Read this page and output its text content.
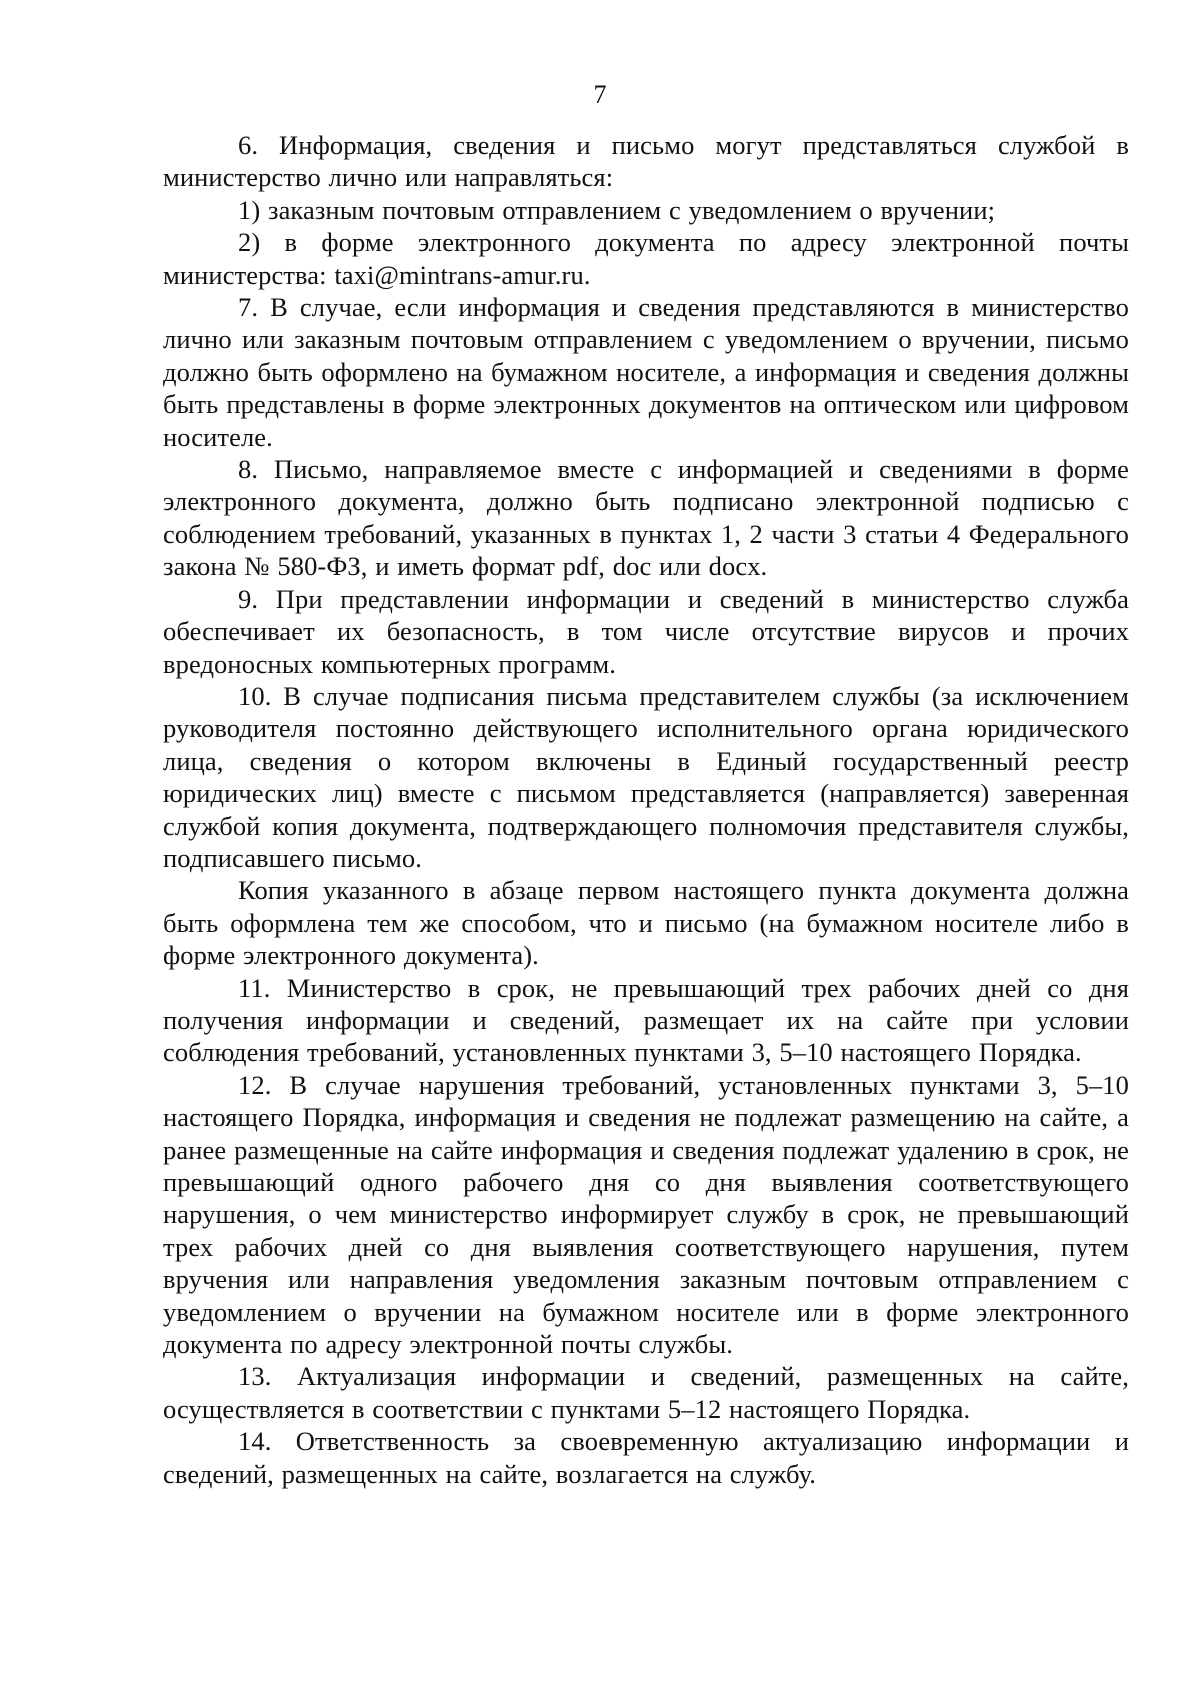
7

6. Информация, сведения и письмо могут представляться службой в министерство лично или направляться:

1) заказным почтовым отправлением с уведомлением о вручении;

2) в форме электронного документа по адресу электронной почты министерства: taxi@mintrans-amur.ru.

7. В случае, если информация и сведения представляются в министерство лично или заказным почтовым отправлением с уведомлением о вручении, письмо должно быть оформлено на бумажном носителе, а информация и сведения должны быть представлены в форме электронных документов на оптическом или цифровом носителе.

8. Письмо, направляемое вместе с информацией и сведениями в форме электронного документа, должно быть подписано электронной подписью с соблюдением требований, указанных в пунктах 1, 2 части 3 статьи 4 Федерального закона № 580-ФЗ, и иметь формат pdf, doc или docx.

9. При представлении информации и сведений в министерство служба обеспечивает их безопасность, в том числе отсутствие вирусов и прочих вредоносных компьютерных программ.

10. В случае подписания письма представителем службы (за исключением руководителя постоянно действующего исполнительного органа юридического лица, сведения о котором включены в Единый государственный реестр юридических лиц) вместе с письмом представляется (направляется) заверенная службой копия документа, подтверждающего полномочия представителя службы, подписавшего письмо.

Копия указанного в абзаце первом настоящего пункта документа должна быть оформлена тем же способом, что и письмо (на бумажном носителе либо в форме электронного документа).

11. Министерство в срок, не превышающий трех рабочих дней со дня получения информации и сведений, размещает их на сайте при условии соблюдения требований, установленных пунктами 3, 5–10 настоящего Порядка.

12. В случае нарушения требований, установленных пунктами 3, 5–10 настоящего Порядка, информация и сведения не подлежат размещению на сайте, а ранее размещенные на сайте информация и сведения подлежат удалению в срок, не превышающий одного рабочего дня со дня выявления соответствующего нарушения, о чем министерство информирует службу в срок, не превышающий трех рабочих дней со дня выявления соответствующего нарушения, путем вручения или направления уведомления заказным почтовым отправлением с уведомлением о вручении на бумажном носителе или в форме электронного документа по адресу электронной почты службы.

13. Актуализация информации и сведений, размещенных на сайте, осуществляется в соответствии с пунктами 5–12 настоящего Порядка.

14. Ответственность за своевременную актуализацию информации и сведений, размещенных на сайте, возлагается на службу.
